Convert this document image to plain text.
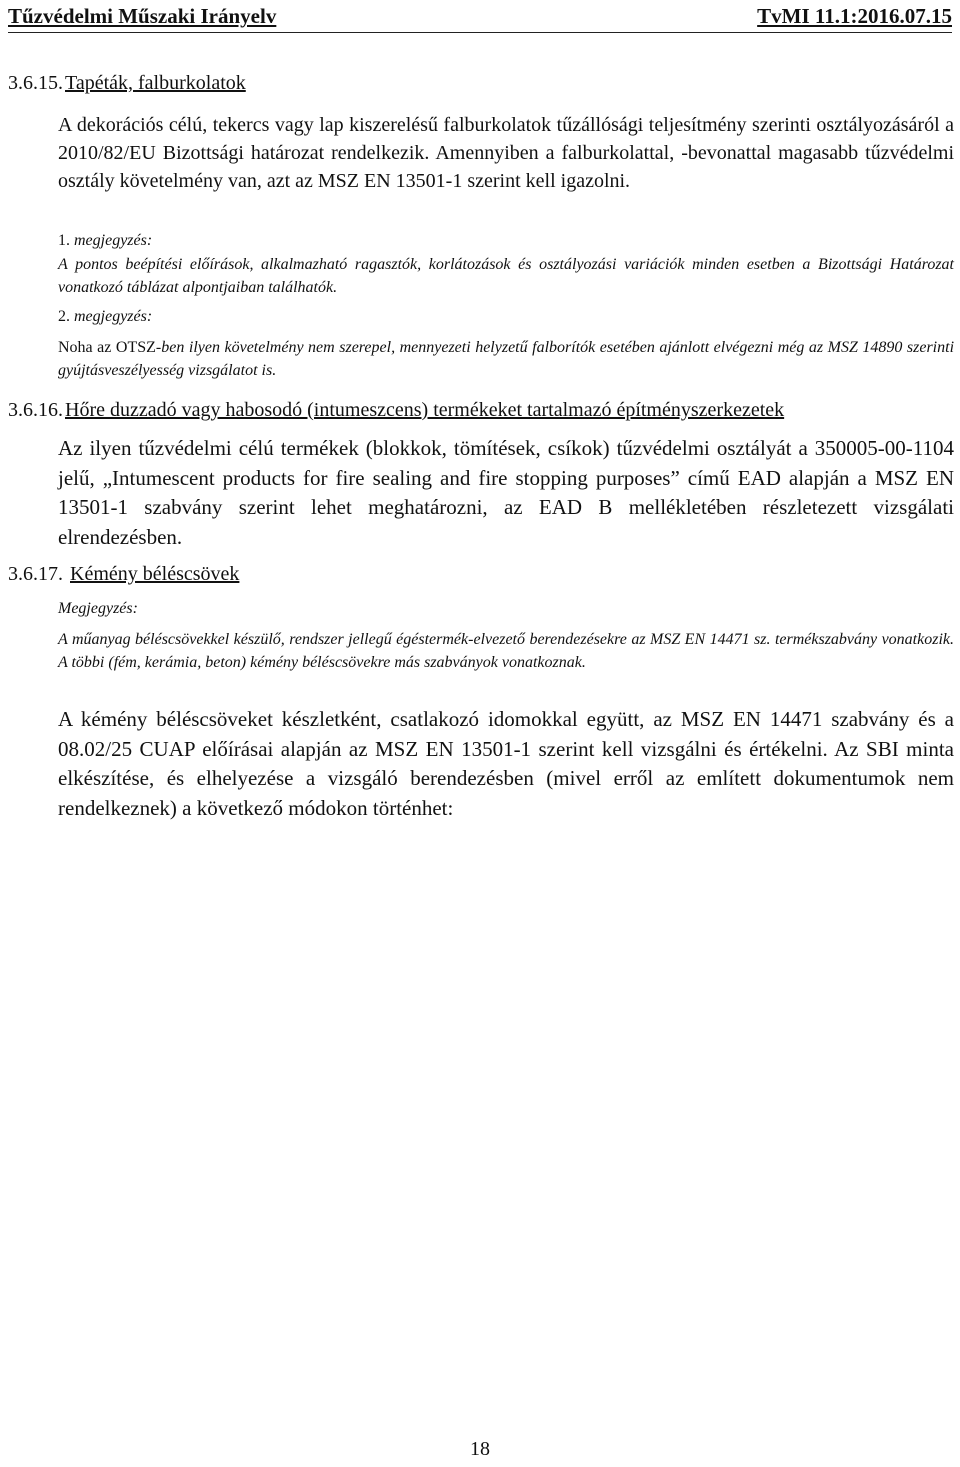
Tűzvédelmi Műszaki Irányelv	TvMI 11.1:2016.07.15
3.6.15. Tapéták, falburkolatok
A dekorációs célú, tekercs vagy lap kiszerelésű falburkolatok tűzállósági teljesítmény szerinti osztályozásáról a 2010/82/EU Bizottsági határozat rendelkezik. Amennyiben a falburkolattal, -bevonattal magasabb tűzvédelmi osztály követelmény van, azt az MSZ EN 13501-1 szerint kell igazolni.
1. megjegyzés:
A pontos beépítési előírások, alkalmazható ragasztók, korlátozások és osztályozási variációk minden esetben a Bizottsági Határozat vonatkozó táblázat alpontjaiban találhatók.
2. megjegyzés:
Noha az OTSZ-ben ilyen követelmény nem szerepel, mennyezeti helyzetű falborítók esetében ajánlott elvégezni még az MSZ 14890 szerinti gyújtásveszélyesség vizsgálatot is.
3.6.16. Hőre duzzadó vagy habosodó (intumeszcens) termékeket tartalmazó építményszerkezetek
Az ilyen tűzvédelmi célú termékek (blokkok, tömítések, csíkok) tűzvédelmi osztályát a 350005-00-1104 jelű, „Intumescent products for fire sealing and fire stopping purposes” című EAD alapján a MSZ EN 13501-1 szabvány szerint lehet meghatározni, az EAD B mellékletében részletezett vizsgálati elrendezésben.
3.6.17. Kémény béléscsövek
Megjegyzés:
A műanyag béléscsövekkel készülő, rendszer jellegű égéstermék-elvezető berendezésekre az MSZ EN 14471 sz. termékszabvány vonatkozik. A többi (fém, kerámia, beton) kémény béléscsövekre más szabványok vonatkoznak.
A kémény béléscsöveket készletként, csatlakozó idomokkal együtt, az MSZ EN 14471 szabvány és a 08.02/25 CUAP előírásai alapján az MSZ EN 13501-1 szerint kell vizsgálni és értékelni. Az SBI minta elkészítése, és elhelyezése a vizsgáló berendezésben (mivel erről az említett dokumentumok nem rendelkeznek) a következő módokon történhet:
18
